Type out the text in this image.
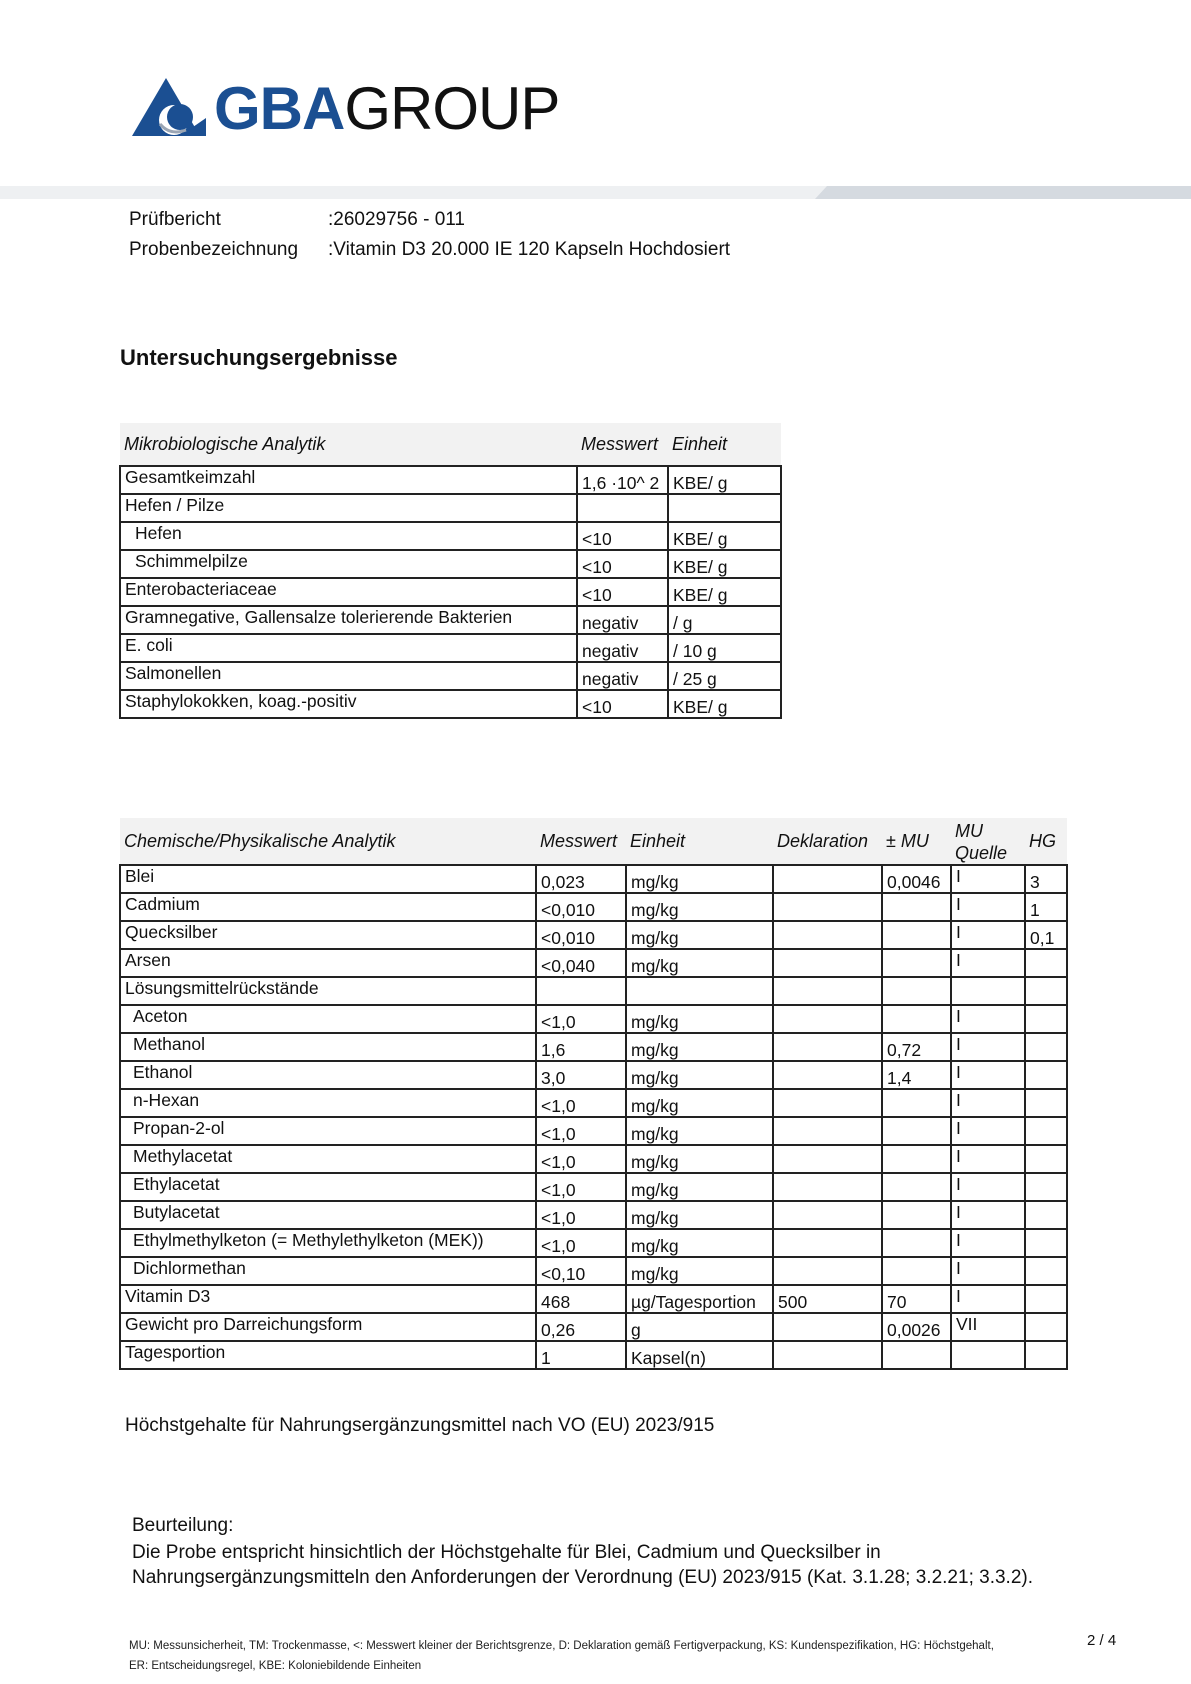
GBAGROUP
Prüfbericht	:26029756 - 011
Probenbezeichnung :Vitamin D3 20.000 IE 120 Kapseln Hochdosiert
Untersuchungsergebnisse
Mikrobiologische Analytik	Messwert	Einheit
Gesamtkeimzahl	1,6 ·10^ 2	KBE/ g
Hefen / Pilze		
Hefen	<10	KBE/ g
Schimmelpilze	<10	KBE/ g
Enterobacteriaceae	<10	KBE/ g
Gramnegative, Gallensalze tolerierende Bakterien	negativ	/ g
E. coli	negativ	/ 10 g
Salmonellen	negativ	/ 25 g
Staphylokokken, koag.-positiv	<10	KBE/ g
Chemische/Physikalische Analytik	Messwert	Einheit	Deklaration	± MU	MU Quelle	HG
Blei	0,023	mg/kg		0,0046	I	3
Cadmium	<0,010	mg/kg			I	1
Quecksilber	<0,010	mg/kg			I	0,1
Arsen	<0,040	mg/kg			I	
Lösungsmittelrückstände						
Aceton	<1,0	mg/kg			I	
Methanol	1,6	mg/kg		0,72	I	
Ethanol	3,0	mg/kg		1,4	I	
n-Hexan	<1,0	mg/kg			I	
Propan-2-ol	<1,0	mg/kg			I	
Methylacetat	<1,0	mg/kg			I	
Ethylacetat	<1,0	mg/kg			I	
Butylacetat	<1,0	mg/kg			I	
Ethylmethylketon (= Methylethylketon (MEK))	<1,0	mg/kg			I	
Dichlormethan	<0,10	mg/kg			I	
Vitamin D3	468	µg/Tagesportion	500	70	I	
Gewicht pro Darreichungsform	0,26	g		0,0026	VII	
Tagesportion	1	Kapsel(n)				
Höchstgehalte für Nahrungsergänzungsmittel nach VO (EU) 2023/915
Beurteilung:
Die Probe entspricht hinsichtlich der Höchstgehalte für Blei, Cadmium und Quecksilber in Nahrungsergänzungsmitteln den Anforderungen der Verordnung (EU) 2023/915 (Kat. 3.1.28; 3.2.21; 3.3.2).
MU: Messunsicherheit, TM: Trockenmasse, <: Messwert kleiner der Berichtsgrenze, D: Deklaration gemäß Fertigverpackung, KS: Kundenspezifikation, HG: Höchstgehalt, ER: Entscheidungsregel, KBE: Koloniebildende Einheiten
2 / 4
